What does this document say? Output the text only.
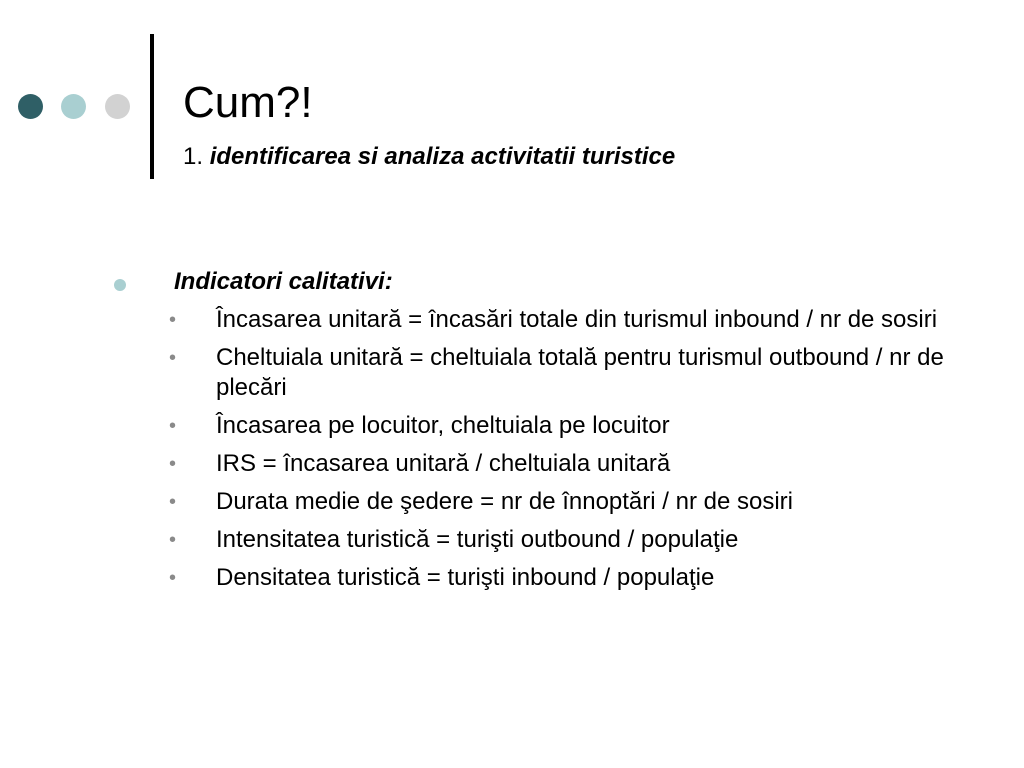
Cum?!
1. identificarea si analiza activitatii turistice
Indicatori calitativi:
• Încasarea unitară = încasări totale din turismul inbound / nr de sosiri
• Cheltuiala unitară = cheltuiala totală pentru turismul outbound / nr de plecări
• Încasarea pe locuitor, cheltuiala pe locuitor
• IRS = încasarea unitară / cheltuiala unitară
• Durata medie de şedere = nr de înnoptări / nr de sosiri
• Intensitatea turistică = turişti outbound / populaţie
• Densitatea turistică = turişti inbound / populaţie
